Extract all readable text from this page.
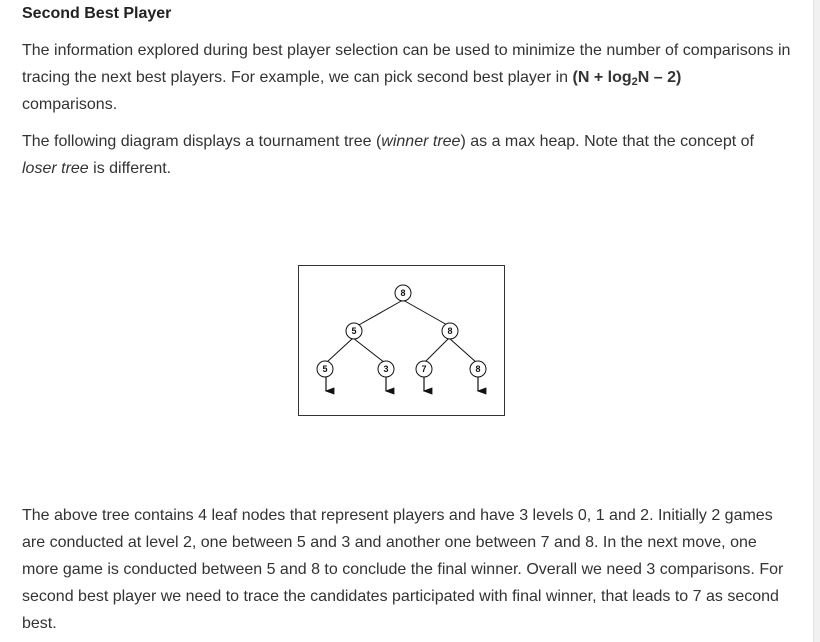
Second Best Player

The information explored during best player selection can be used to minimize the number of comparisons in tracing the next best players. For example, we can pick second best player in $(N + \log_2N - 2)$
comparisons.

The following diagram displays a tournament tree (winner tree) as a max heap. Note that the concept of
loser tree is different.

8
5	8
5	3	7	8

The above tree contains 4 leaf nodes that represent players and have 3 levels 0, 1 and 2. Initially 2 games are conducted at level 2, one between 5 and 3 and another one between 7 and 8. In the next move, one more game is conducted between 5 and 8 to conclude the final winner. Overall we need 3 comparisons. For second best player we need to trace the candidates participated with final winner, that leads to 7 as second best.
